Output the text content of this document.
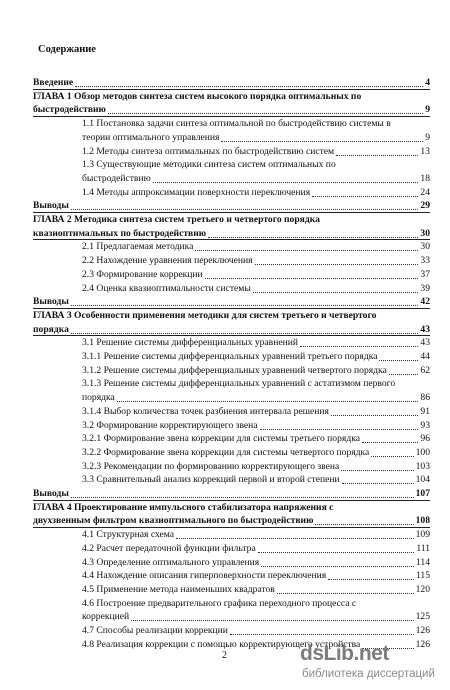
Содержание
Введение	4
ГЛАВА 1 Обзор методов синтеза систем высокого порядка оптимальных по
быстродействию	9
1.1 Постановка задачи синтеза оптимальной по быстродействию системы в
теории оптимального управления	9
1.2 Методы синтеза оптимальных по быстродействию систем	13
1.3 Существующие методики синтеза систем оптимальных по
быстродействию	18
1.4 Методы аппроксимации поверхности переключения	24
Выводы	29
ГЛАВА 2 Методика синтеза систем третьего и четвертого порядка
квазиоптимальных по быстродействию	30
2.1 Предлагаемая методика	30
2.2 Нахождение уравнения переключения	33
2.3 Формирование коррекции	37
2.4 Оценка квазиоптимальности системы	39
Выводы	42
ГЛАВА 3 Особенности применения методики для систем третьего и четвертого
порядка	43
3.1 Решение системы дифференциальных уравнений	43
3.1.1 Решение системы дифференциальных уравнений третьего порядка	44
3.1.2 Решение системы дифференциальных уравнений четвертого порядка	62
3.1.3 Решение системы дифференциальных уравнений с астатизмом первого
порядка	86
3.1.4 Выбор количества точек разбиения интервала решения	91
3.2 Формирование корректирующего звена	93
3.2.1 Формирование звена коррекции для системы третьего порядка	96
3.2.2 Формирование звена коррекции для системы четвертого порядка	100
3.2.3 Рекомендации по формированию корректирующего звена	103
3.3 Сравнительный анализ коррекций первой и второй степени	104
Выводы	107
ГЛАВА 4 Проектирование импульсного стабилизатора напряжения с
двухзвенным фильтром квазиоптимального по быстродействию	108
4.1 Структурная схема	109
4.2 Расчет передаточной функции фильтра	111
4.3 Определение оптимального управления	114
4.4 Нахождение описания гиперповерхности переключения	115
4.5 Применение метода наименьших квадратов	120
4.6 Построение предварительного графика переходного процесса с
коррекцией	125
4.7 Способы реализации коррекции	126
4.8 Реализация коррекции с помощью корректирующего устройства	126
2	dsLib.net
библиотека диссертаций
